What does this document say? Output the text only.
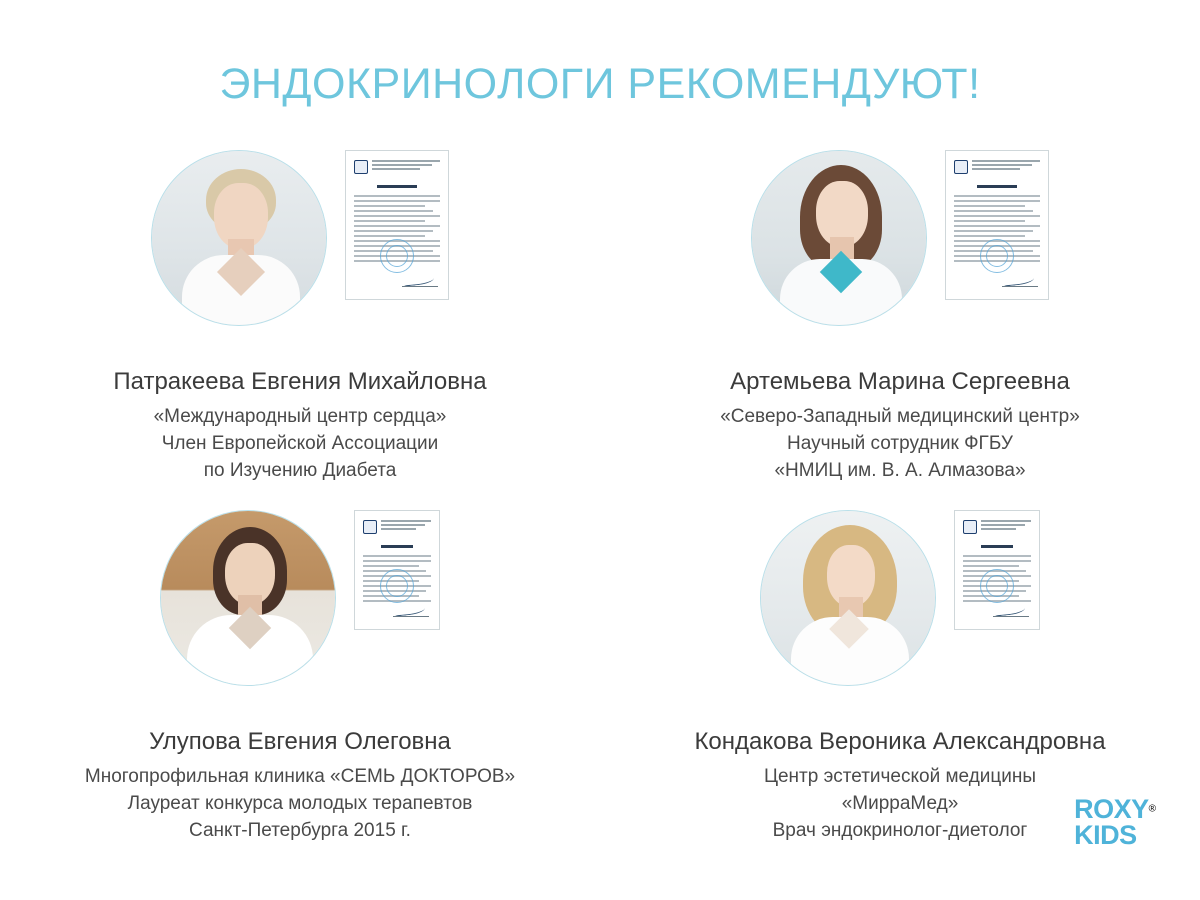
ЭНДОКРИНОЛОГИ РЕКОМЕНДУЮТ!
Патракеева Евгения Михайловна
«Международный центр сердца»
Член Европейской Ассоциации
по Изучению Диабета
Артемьева Марина Сергеевна
«Северо-Западный медицинский центр»
Научный сотрудник ФГБУ
«НМИЦ им. В. А. Алмазова»
Улупова Евгения Олеговна
Многопрофильная клиника «СЕМЬ ДОКТОРОВ»
Лауреат конкурса молодых терапевтов
Санкт-Петербурга 2015 г.
Кондакова Вероника Александровна
Центр эстетической медицины
«МиррaМед»
Врач эндокринолог-диетолог
ROXY®
KIDS
